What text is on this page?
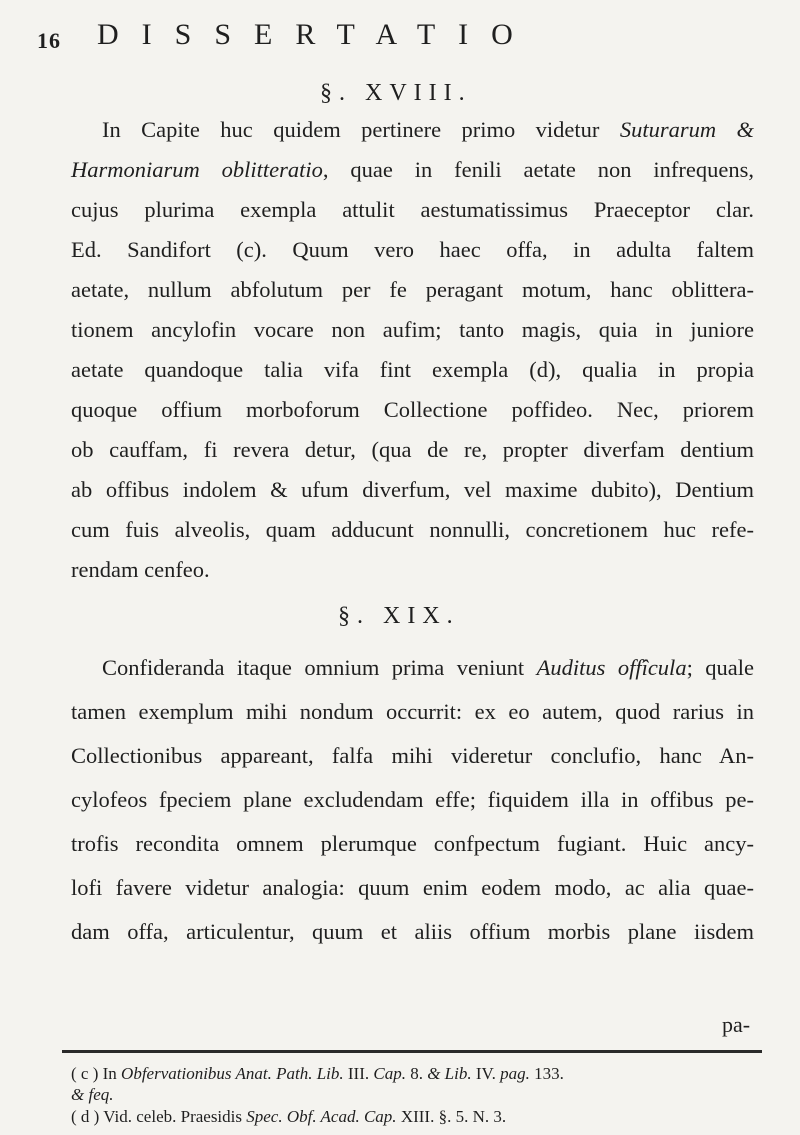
16 DISSERTATIO
§. XVIII.
In Capite huc quidem pertinere primo videtur Suturarum &
Harmoniarum oblitteratio, quae in fenili aetate non infrequens,
cujus plurima exempla attulit aestumatissimus Praeceptor clar.
Ed. Sandifort (c). Quum vero haec offa, in adulta faltem
aetate, nullum abfolutum per fe peragant motum, hanc oblittera-
tionem ancylofin vocare non aufim; tanto magis, quia in juniore
aetate quandoque talia vifa fint exempla (d), qualia in propia
quoque offium morboforum Collectione poffideo. Nec, priorem
ob cauffam, fi revera detur, (qua de re, propter diverfam dentium
ab offibus indolem & ufum diverfum, vel maxime dubito), Dentium
cum fuis alveolis, quam adducunt nonnulli, concretionem huc refe-
rendam cenfeo.
§. XIX.
Confideranda itaque omnium prima veniunt Auditus offîcula; quale
tamen exemplum mihi nondum occurrit: ex eo autem, quod rarius in
Collectionibus appareant, falfa mihi videretur conclufio, hanc An-
cylofeos fpeciem plane excludendam effe; fiquidem illa in offibus pe-
trofis recondita omnem plerumque confpectum fugiant. Huic ancy-
lofi favere videtur analogia: quum enim eodem modo, ac alia quae-
dam offa, articulentur, quum et aliis offium morbis plane iisdem
pa-
( c ) In Obfervationibus Anat. Path. Lib. III. Cap. 8. & Lib. IV. pag. 133.
& feq.
( d ) Vid. celeb. Praesidis Spec. Obf. Acad. Cap. XIII. §. 5. N. 3.
